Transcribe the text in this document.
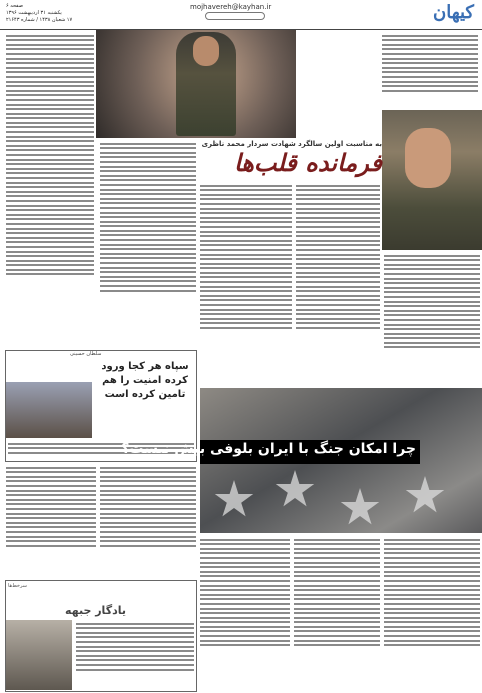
کیهان
mojhavereh@kayhan.ir
صفحه ۶
یکشنبه ۳۱ اردیبهشت ۱۳۹۶
۱۷ شعبان ۱۴۳۸ / شماره ۲۱۶۴۳
به مناسبت اولین سالگرد شهادت سردار محمد ناظری
فرمانده قلب‌ها
سلطان حسینی
سپاه هر کجا ورود کرده امنیت را هم تامین کرده است
چرا امکان جنگ با ایران بلوفی بیش نیست؟
سرخط‌ها
یادگار جبهه
